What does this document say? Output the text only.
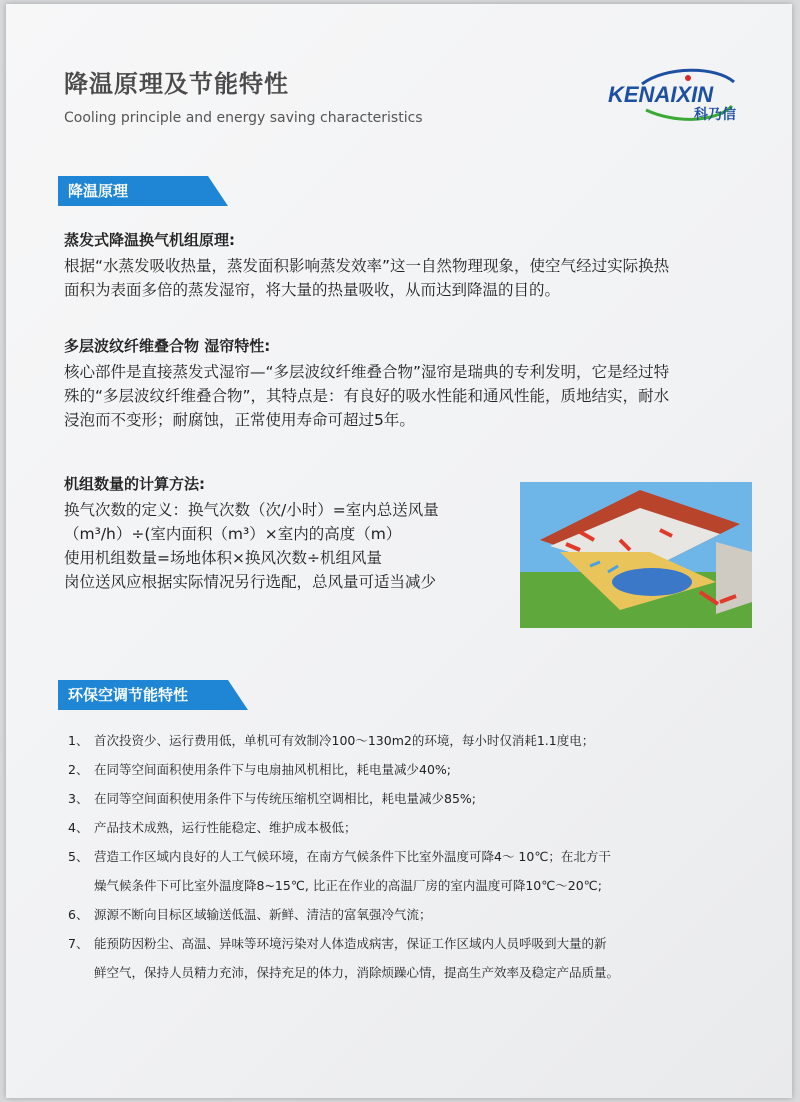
降温原理及节能特性
Cooling principle and energy saving characteristics
KENAIXIN
科乃信
降温原理
蒸发式降温换气机组原理:

根据“水蒸发吸收热量，蒸发面积影响蒸发效率”这一自然物理现象，使空气经过实际换热

面积为表面多倍的蒸发湿帘，将大量的热量吸收，从而达到降温的目的。

多层波纹纤维叠合物 湿帘特性:

核心部件是直接蒸发式湿帘—“多层波纹纤维叠合物”湿帘是瑞典的专利发明，它是经过特

殊的“多层波纹纤维叠合物”，其特点是：有良好的吸水性能和通风性能，质地结实，耐水

浸泡而不变形；耐腐蚀，正常使用寿命可超过5年。

机组数量的计算方法:

换气次数的定义：换气次数（次/小时）=室内总送风量

（m³/h）÷(室内面积（m³）×室内的高度（m）

使用机组数量=场地体积×换风次数÷机组风量

岗位送风应根据实际情况另行选配，总风量可适当减少

环保空调节能特性
1、 首次投资少、运行费用低，单机可有效制冷100～130m2的环境，每小时仅消耗1.1度电；
2、 在同等空间面积使用条件下与电扇抽风机相比，耗电量减少40%;
3、 在同等空间面积使用条件下与传统压缩机空调相比，耗电量减少85%;
4、 产品技术成熟，运行性能稳定、维护成本极低；
5、 营造工作区域内良好的人工气候环境，在南方气候条件下比室外温度可降4～ 10℃；在北方干
燥气候条件下可比室外温度降8~15℃, 比正在作业的高温厂房的室内温度可降10℃～20℃;
6、 源源不断向目标区域输送低温、新鲜、清洁的富氧强冷气流；
7、 能预防因粉尘、高温、异味等环境污染对人体造成病害，保证工作区域内人员呼吸到大量的新
鲜空气，保持人员精力充沛，保持充足的体力，消除烦躁心情，提高生产效率及稳定产品质量。
